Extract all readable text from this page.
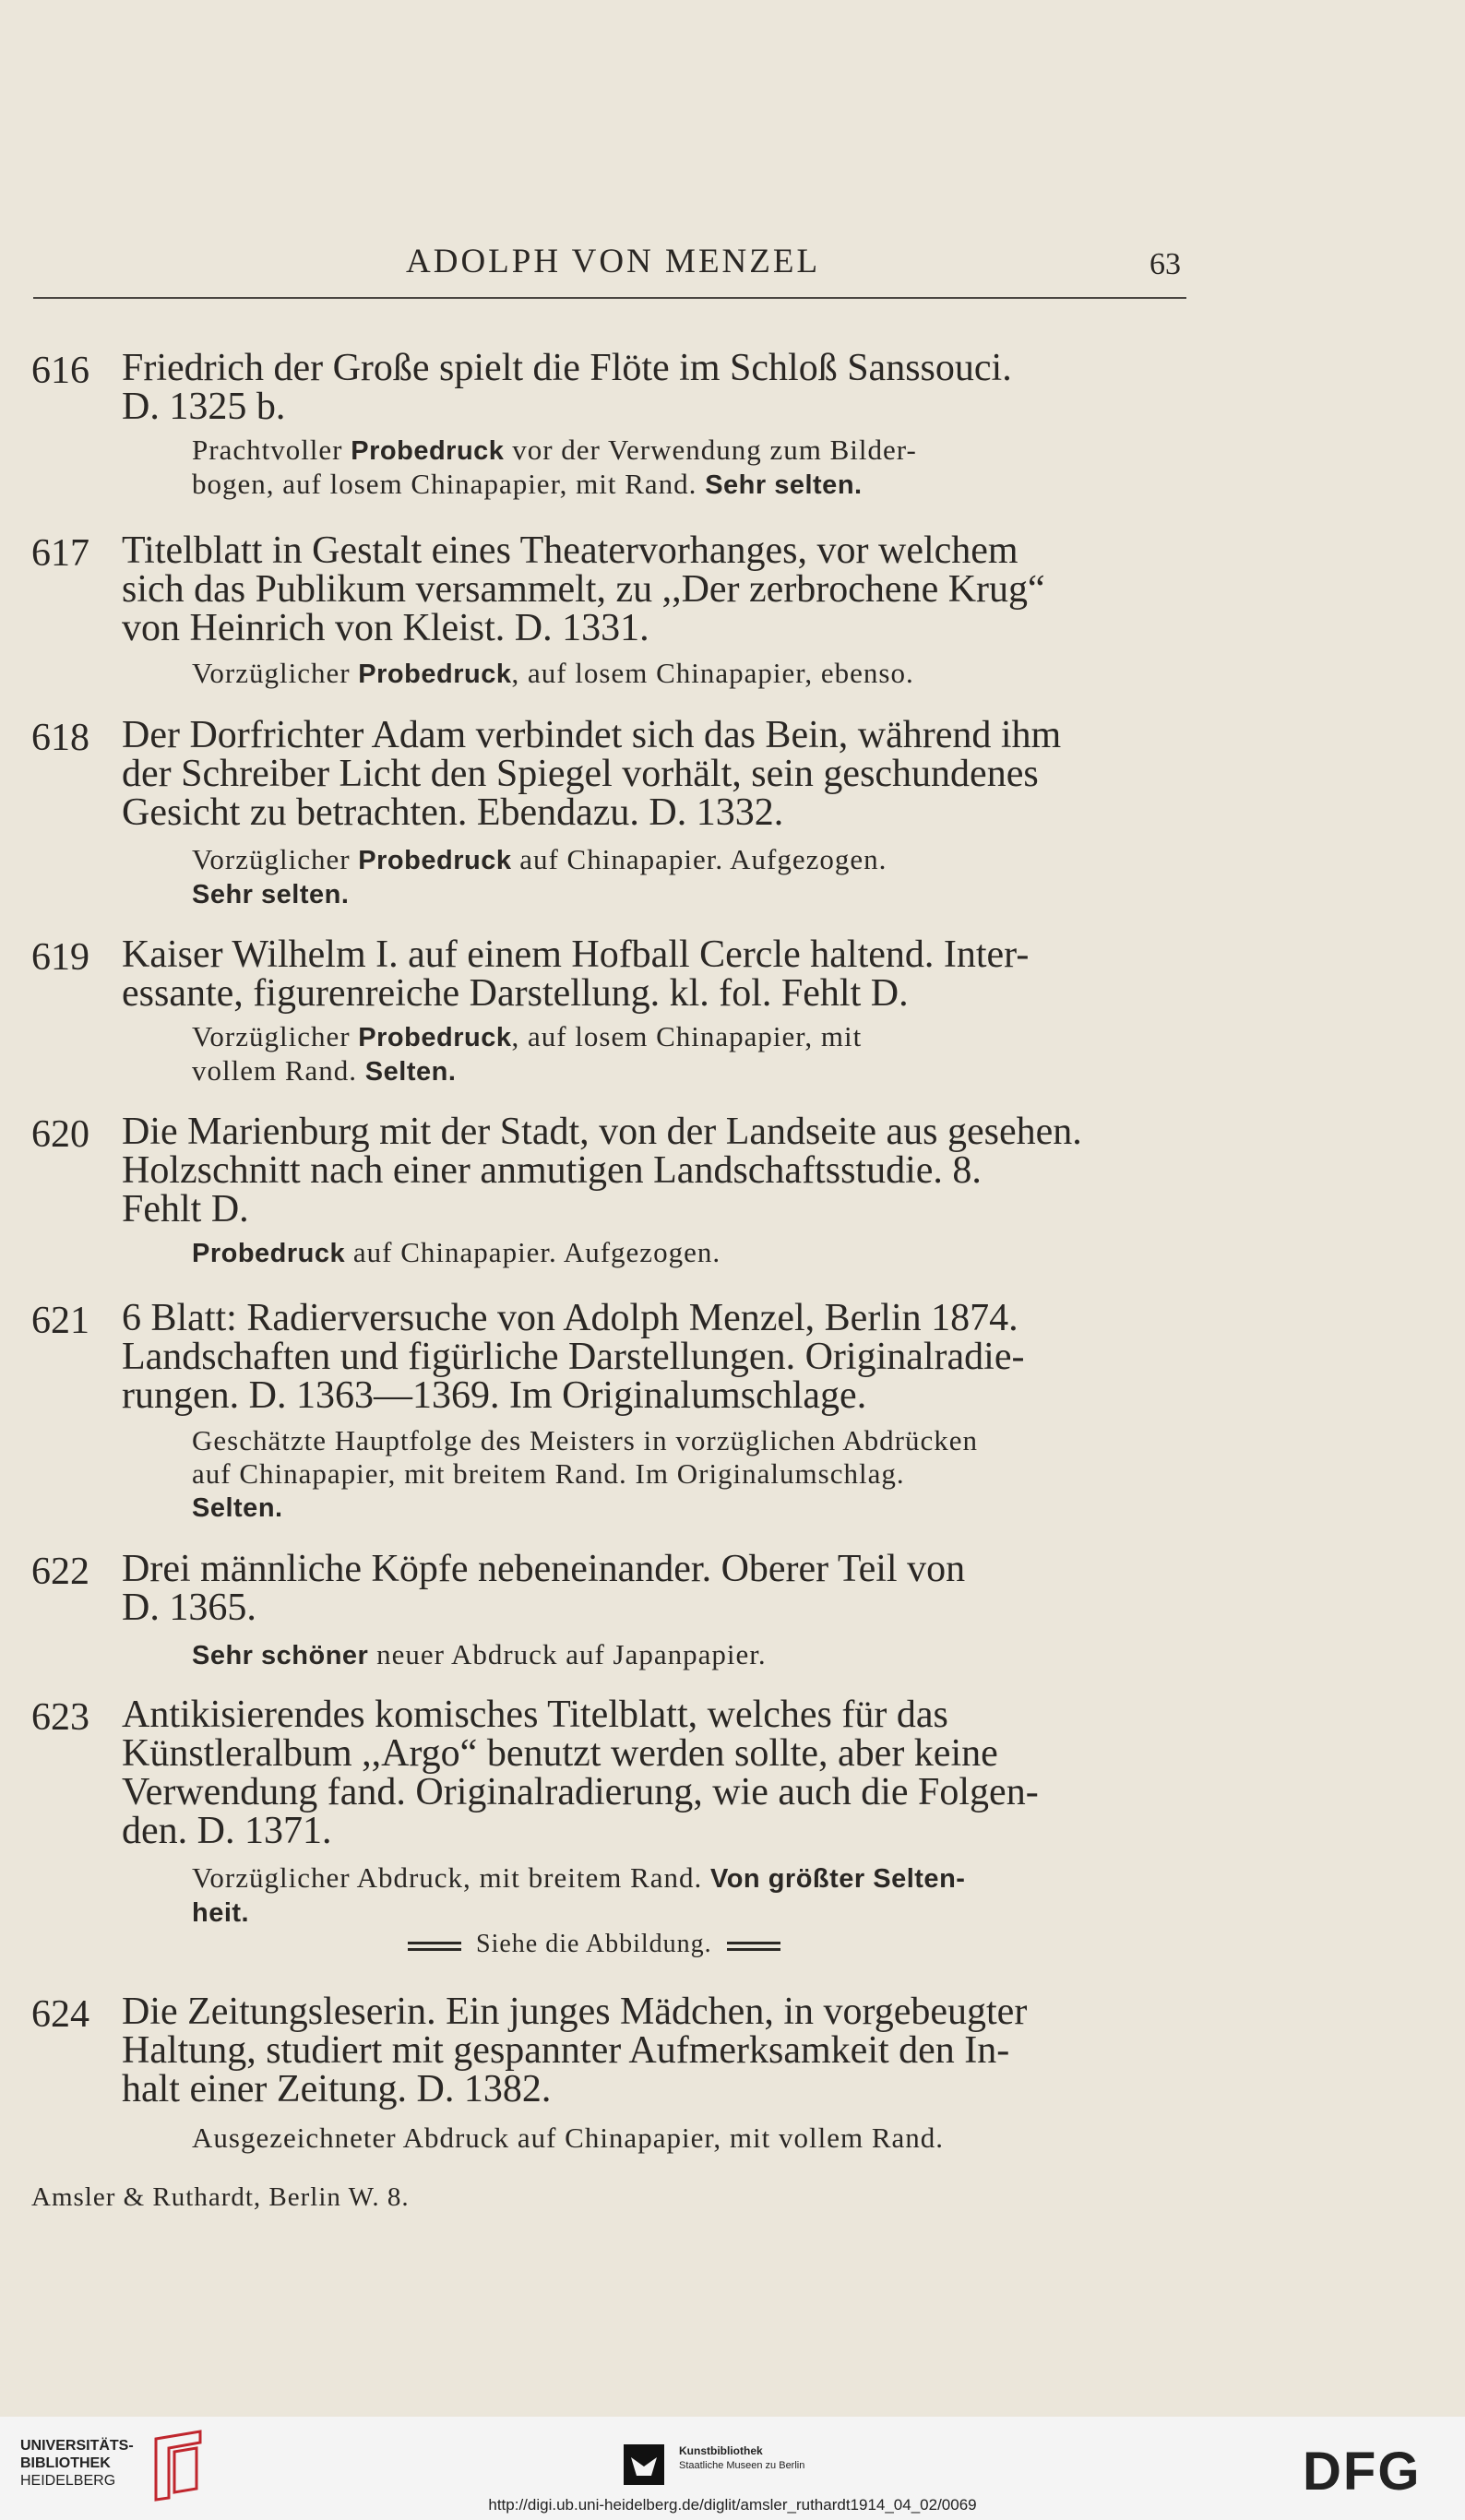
ADOLPH VON MENZEL	63
616 Friedrich der Große spielt die Flöte im Schloß Sanssouci.
D. 1325 b.
Prachtvoller Probedruck vor der Verwendung zum Bilder-
bogen, auf losem Chinapapier, mit Rand. Sehr selten.
617 Titelblatt in Gestalt eines Theatervorhanges, vor welchem
sich das Publikum versammelt, zu ,,Der zerbrochene Krug“
von Heinrich von Kleist. D. 1331.
Vorzüglicher Probedruck, auf losem Chinapapier, ebenso.
618 Der Dorfrichter Adam verbindet sich das Bein, während ihm
der Schreiber Licht den Spiegel vorhält, sein geschundenes
Gesicht zu betrachten. Ebendazu. D. 1332.
Vorzüglicher Probedruck auf Chinapapier. Aufgezogen.
Sehr selten.
619 Kaiser Wilhelm I. auf einem Hofball Cercle haltend. Inter-
essante, figurenreiche Darstellung. kl. fol. Fehlt D.
Vorzüglicher Probedruck, auf losem Chinapapier, mit
vollem Rand. Selten.
620 Die Marienburg mit der Stadt, von der Landseite aus gesehen.
Holzschnitt nach einer anmutigen Landschaftsstudie. 8.
Fehlt D.
Probedruck auf Chinapapier. Aufgezogen.
621 6 Blatt: Radierversuche von Adolph Menzel, Berlin 1874.
Landschaften und figürliche Darstellungen. Originalradie-
rungen. D. 1363—1369. Im Originalumschlage.
Geschätzte Hauptfolge des Meisters in vorzüglichen Abdrücken
auf Chinapapier, mit breitem Rand. Im Originalumschlag.
Selten.
622 Drei männliche Köpfe nebeneinander. Oberer Teil von
D. 1365.
Sehr schöner neuer Abdruck auf Japanpapier.
623 Antikisierendes komisches Titelblatt, welches für das
Künstleralbum ,,Argo“ benutzt werden sollte, aber keine
Verwendung fand. Originalradierung, wie auch die Folgen-
den. D. 1371.
Vorzüglicher Abdruck, mit breitem Rand. Von größter Selten-
heit.
Siehe die Abbildung.
624 Die Zeitungsleserin. Ein junges Mädchen, in vorgebeugter
Haltung, studiert mit gespannter Aufmerksamkeit den In-
halt einer Zeitung. D. 1382.
Ausgezeichneter Abdruck auf Chinapapier, mit vollem Rand.
Amsler & Ruthardt, Berlin W. 8.
UNIVERSITÄTS-
BIBLIOTHEK
HEIDELBERG
Kunstbibliothek
Staatliche Museen zu Berlin	DFG
http://digi.ub.uni-heidelberg.de/diglit/amsler_ruthardt1914_04_02/0069
